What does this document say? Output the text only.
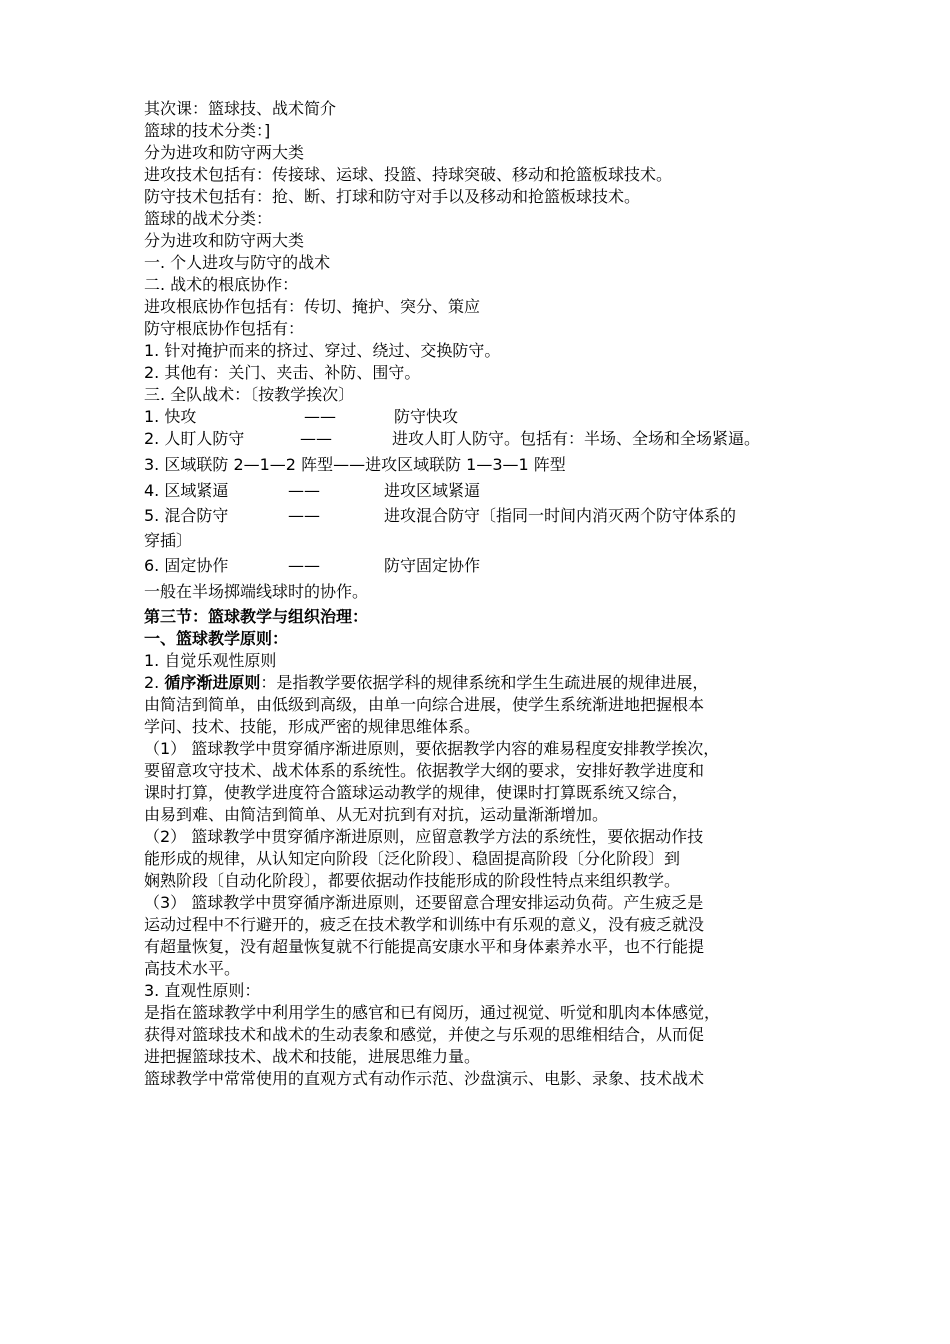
其次课：篮球技、战术简介
篮球的技术分类：]
分为进攻和防守两大类
进攻技术包括有：传接球、运球、投篮、持球突破、移动和抢篮板球技术。
防守技术包括有：抢、断、打球和防守对手以及移动和抢篮板球技术。
篮球的战术分类：
分为进攻和防守两大类
一. 个人进攻与防守的战术
二. 战术的根底协作：
进攻根底协作包括有：传切、掩护、突分、策应
防守根底协作包括有：
1. 针对掩护而来的挤过、穿过、绕过、交换防守。
2. 其他有：关门、夹击、补防、围守。
三. 全队战术：〔按教学挨次〕
1. 快攻	——	防守快攻
2. 人盯人防守	——	进攻人盯人防守。包括有：半场、全场和全场紧逼。
3. 区域联防 2—1—2 阵型——进攻区域联防 1—3—1 阵型
4. 区域紧逼	——	进攻区域紧逼
5. 混合防守	——	进攻混合防守〔指同一时间内消灭两个防守体系的
穿插〕
6. 固定协作	——	防守固定协作
一般在半场掷端线球时的协作。
第三节：篮球教学与组织治理：
一、篮球教学原则：
1. 自觉乐观性原则
2. 循序渐进原则：是指教学要依据学科的规律系统和学生生疏进展的规律进展，
由简洁到简单，由低级到高级，由单一向综合进展，使学生系统渐进地把握根本
学问、技术、技能，形成严密的规律思维体系。
（1） 篮球教学中贯穿循序渐进原则，要依据教学内容的难易程度安排教学挨次，
要留意攻守技术、战术体系的系统性。依据教学大纲的要求，安排好教学进度和
课时打算，使教学进度符合篮球运动教学的规律，使课时打算既系统又综合，
由易到难、由简洁到简单、从无对抗到有对抗，运动量渐渐增加。
（2） 篮球教学中贯穿循序渐进原则，应留意教学方法的系统性，要依据动作技
能形成的规律，从认知定向阶段〔泛化阶段〕、稳固提高阶段〔分化阶段〕到
娴熟阶段〔自动化阶段〕，都要依据动作技能形成的阶段性特点来组织教学。
（3） 篮球教学中贯穿循序渐进原则，还要留意合理安排运动负荷。产生疲乏是
运动过程中不行避开的，疲乏在技术教学和训练中有乐观的意义，没有疲乏就没
有超量恢复，没有超量恢复就不行能提高安康水平和身体素养水平，也不行能提
高技术水平。
3. 直观性原则：
是指在篮球教学中利用学生的感官和已有阅历，通过视觉、听觉和肌肉本体感觉，
获得对篮球技术和战术的生动表象和感觉，并使之与乐观的思维相结合，从而促
进把握篮球技术、战术和技能，进展思维力量。
篮球教学中常常使用的直观方式有动作示范、沙盘演示、电影、录象、技术战术
